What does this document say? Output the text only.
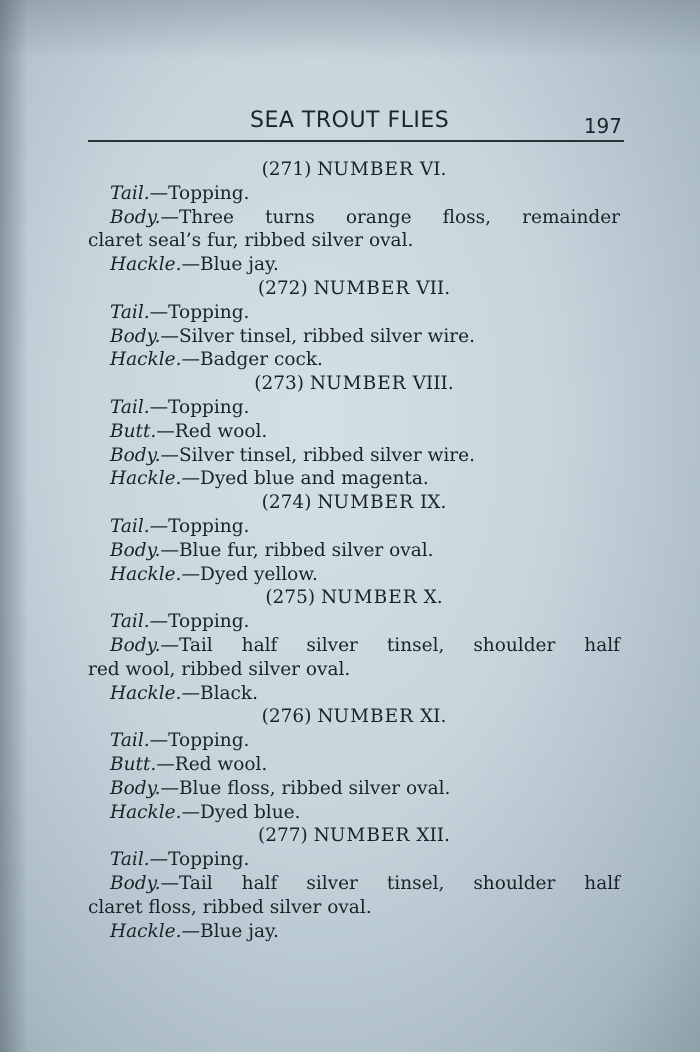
SEA TROUT FLIES	197
(271) NUMBER VI.
Tail.—Topping.
Body.—Three turns orange floss, remainder
claret seal’s fur, ribbed silver oval.
Hackle.—Blue jay.
(272) NUMBER VII.
Tail.—Topping.
Body.—Silver tinsel, ribbed silver wire.
Hackle.—Badger cock.
(273) NUMBER VIII.
Tail.—Topping.
Butt.—Red wool.
Body.—Silver tinsel, ribbed silver wire.
Hackle.—Dyed blue and magenta.
(274) NUMBER IX.
Tail.—Topping.
Body.—Blue fur, ribbed silver oval.
Hackle.—Dyed yellow.
(275) NUMBER X.
Tail.—Topping.
Body.—Tail half silver tinsel, shoulder half
red wool, ribbed silver oval.
Hackle.—Black.
(276) NUMBER XI.
Tail.—Topping.
Butt.—Red wool.
Body.—Blue floss, ribbed silver oval.
Hackle.—Dyed blue.
(277) NUMBER XII.
Tail.—Topping.
Body.—Tail half silver tinsel, shoulder half
claret floss, ribbed silver oval.
Hackle.—Blue jay.
